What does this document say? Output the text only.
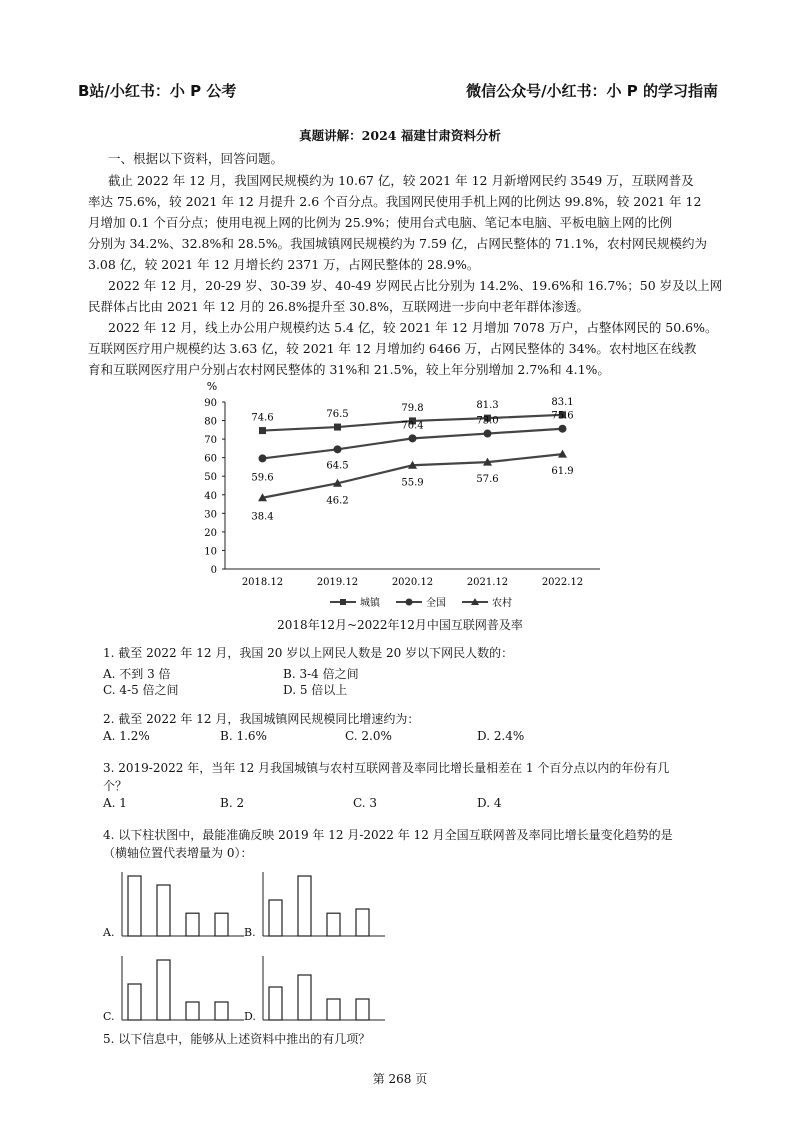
B站/小红书：小 P 公考	微信公众号/小红书：小 P 的学习指南
真题讲解：2024 福建甘肃资料分析
一、根据以下资料，回答问题。
截止 2022 年 12 月，我国网民规模约为 10.67 亿，较 2021 年 12 月新增网民约 3549 万，互联网普及
率达 75.6%，较 2021 年 12 月提升 2.6 个百分点。我国网民使用手机上网的比例达 99.8%，较 2021 年 12
月增加 0.1 个百分点；使用电视上网的比例为 25.9%；使用台式电脑、笔记本电脑、平板电脑上网的比例
分别为 34.2%、32.8%和 28.5%。我国城镇网民规模约为 7.59 亿，占网民整体的 71.1%，农村网民规模约为
3.08 亿，较 2021 年 12 月增长约 2371 万，占网民整体的 28.9%。
2022 年 12 月，20-29 岁、30-39 岁、40-49 岁网民占比分别为 14.2%、19.6%和 16.7%；50 岁及以上网
民群体占比由 2021 年 12 月的 26.8%提升至 30.8%，互联网进一步向中老年群体渗透。
2022 年 12 月，线上办公用户规模约达 5.4 亿，较 2021 年 12 月增加 7078 万户，占整体网民的 50.6%。
互联网医疗用户规模约达 3.63 亿，较 2021 年 12 月增加约 6466 万，占网民整体的 34%。农村地区在线教
育和互联网医疗用户分别占农村网民整体的 31%和 21.5%，较上年分别增加 2.7%和 4.1%。
%
0
10
20
30
40
50
60
70
80
90
2018.12	2019.12	2020.12	2021.12	2022.12
74.6	76.5
79.8	81.3	83.1
59.6
64.5
70.4	73.0	75.6
38.4
46.2
55.9	57.6
61.9
城镇	全国	农村
2018年12月~2022年12月中国互联网普及率
1. 截至 2022 年 12 月，我国 20 岁以上网民人数是 20 岁以下网民人数的：
A. 不到 3 倍	B. 3-4 倍之间
C. 4-5 倍之间	D. 5 倍以上
2. 截至 2022 年 12 月，我国城镇网民规模同比增速约为：
A. 1.2%	B. 1.6%	C. 2.0%	D. 2.4%
3. 2019-2022 年，当年 12 月我国城镇与农村互联网普及率同比增长量相差在 1 个百分点以内的年份有几
个？
A. 1	B. 2	C. 3	D. 4
4. 以下柱状图中，最能准确反映 2019 年 12 月-2022 年 12 月全国互联网普及率同比增长量变化趋势的是
（横轴位置代表增量为 0）：
A.	B.
C.	D.
5. 以下信息中，能够从上述资料中推出的有几项？
第 268 页
